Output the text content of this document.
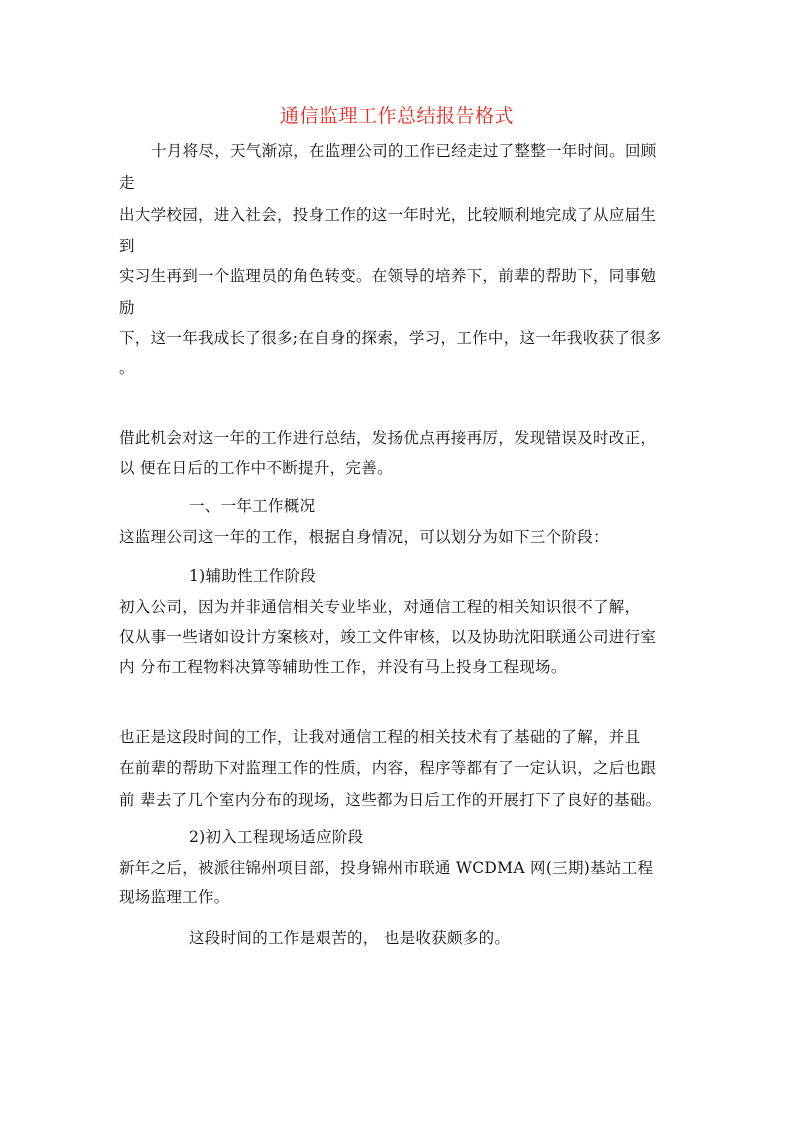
通信监理工作总结报告格式
十月将尽，天气渐凉，在监理公司的工作已经走过了整整一年时间。回顾
走
出大学校园，进入社会，投身工作的这一年时光，比较顺利地完成了从应届生
到
实习生再到一个监理员的角色转变。在领导的培养下，前辈的帮助下，同事勉
励
下，这一年我成长了很多;在自身的探索，学习，工作中，这一年我收获了很多
。
借此机会对这一年的工作进行总结，发扬优点再接再厉，发现错误及时改正，
以 便在日后的工作中不断提升，完善。
一、一年工作概况
这监理公司这一年的工作，根据自身情况，可以划分为如下三个阶段：
1)辅助性工作阶段
初入公司，因为并非通信相关专业毕业，对通信工程的相关知识很不了解，
仅从事一些诸如设计方案核对，竣工文件审核，以及协助沈阳联通公司进行室
内 分布工程物料决算等辅助性工作，并没有马上投身工程现场。
也正是这段时间的工作，让我对通信工程的相关技术有了基础的了解，并且
在前辈的帮助下对监理工作的性质，内容，程序等都有了一定认识，之后也跟
前 辈去了几个室内分布的现场，这些都为日后工作的开展打下了良好的基础。
2)初入工程现场适应阶段
新年之后，被派往锦州项目部，投身锦州市联通 WCDMA 网(三期)基站工程
现场监理工作。
这段时间的工作是艰苦的， 也是收获颇多的。
